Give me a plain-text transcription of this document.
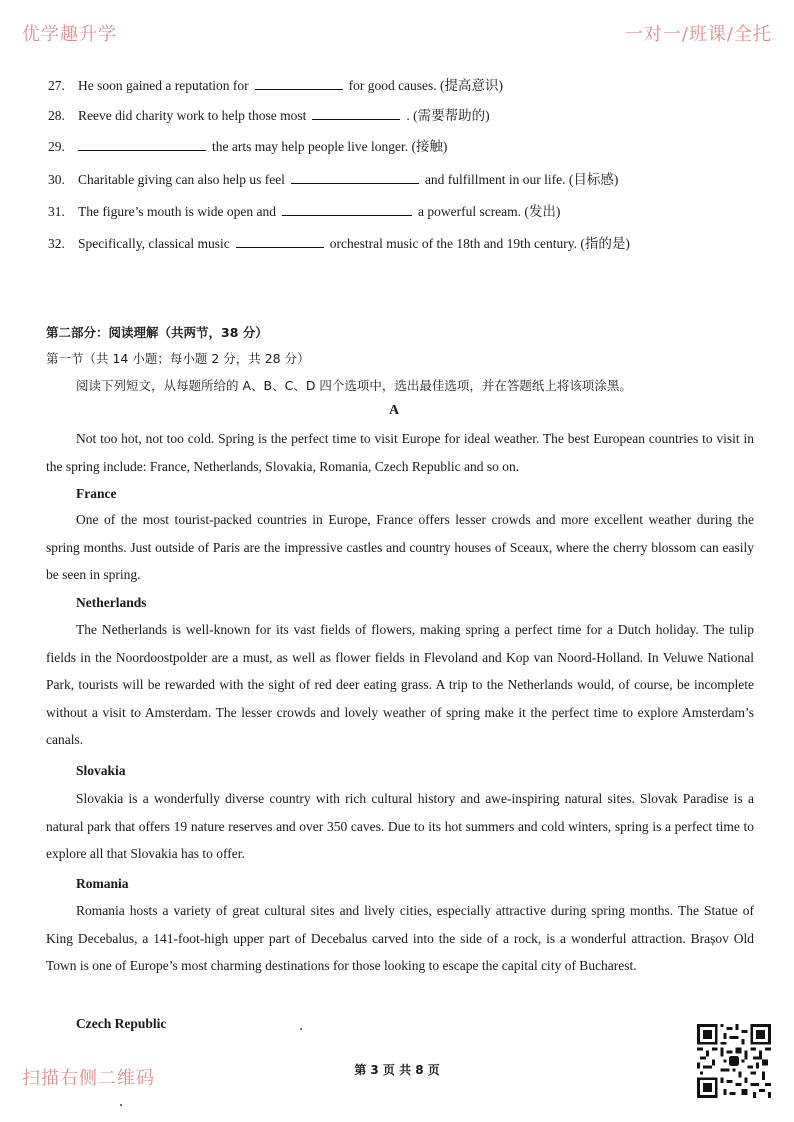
优学趣升学	一对一/班课/全托
27. He soon gained a reputation for	for good causes. (提高意识)
28. Reeve did charity work to help those most	. (需要帮助的)
29.	the arts may help people live longer. (接触)
30. Charitable giving can also help us feel	and fulfillment in our life. (目标感)
31. The figure’s mouth is wide open and	a powerful scream. (发出)
32. Specifically, classical music	orchestral music of the 18th and 19th century. (指的是)
第二部分：阅读理解（共两节，38 分）
第一节（共 14 小题；每小题 2 分，共 28 分）
阅读下列短文，从每题所给的 A、B、C、D 四个选项中，选出最佳选项，并在答题纸上将该项涂黑。
A

Not too hot, not too cold. Spring is the perfect time to visit Europe for ideal weather. The best European countries to visit in the spring include: France, Netherlands, Slovakia, Romania, Czech Republic and so on.

France

One of the most tourist-packed countries in Europe, France offers lesser crowds and more excellent weather during the spring months. Just outside of Paris are the impressive castles and country houses of Sceaux, where the cherry blossom can easily be seen in spring.

Netherlands

The Netherlands is well-known for its vast fields of flowers, making spring a perfect time for a Dutch holiday. The tulip fields in the Noordoostpolder are a must, as well as flower fields in Flevoland and Kop van Noord-Holland. In Veluwe National Park, tourists will be rewarded with the sight of red deer eating grass. A trip to the Netherlands would, of course, be incomplete without a visit to Amsterdam. The lesser crowds and lovely weather of spring make it the perfect time to explore Amsterdam’s canals.

Slovakia

Slovakia is a wonderfully diverse country with rich cultural history and awe-inspiring natural sites. Slovak Paradise is a natural park that offers 19 nature reserves and over 350 caves. Due to its hot summers and cold winters, spring is a perfect time to explore all that Slovakia has to offer.

Romania

Romania hosts a variety of great cultural sites and lively cities, especially attractive during spring months. The Statue of King Decebalus, a 141-foot-high upper part of Decebalus carved into the side of a rock, is a wonderful attraction. Brașov Old Town is one of Europe’s most charming destinations for those looking to escape the capital city of Bucharest.

Czech Republic
扫描右侧二维码	第 3 页 共 8 页
